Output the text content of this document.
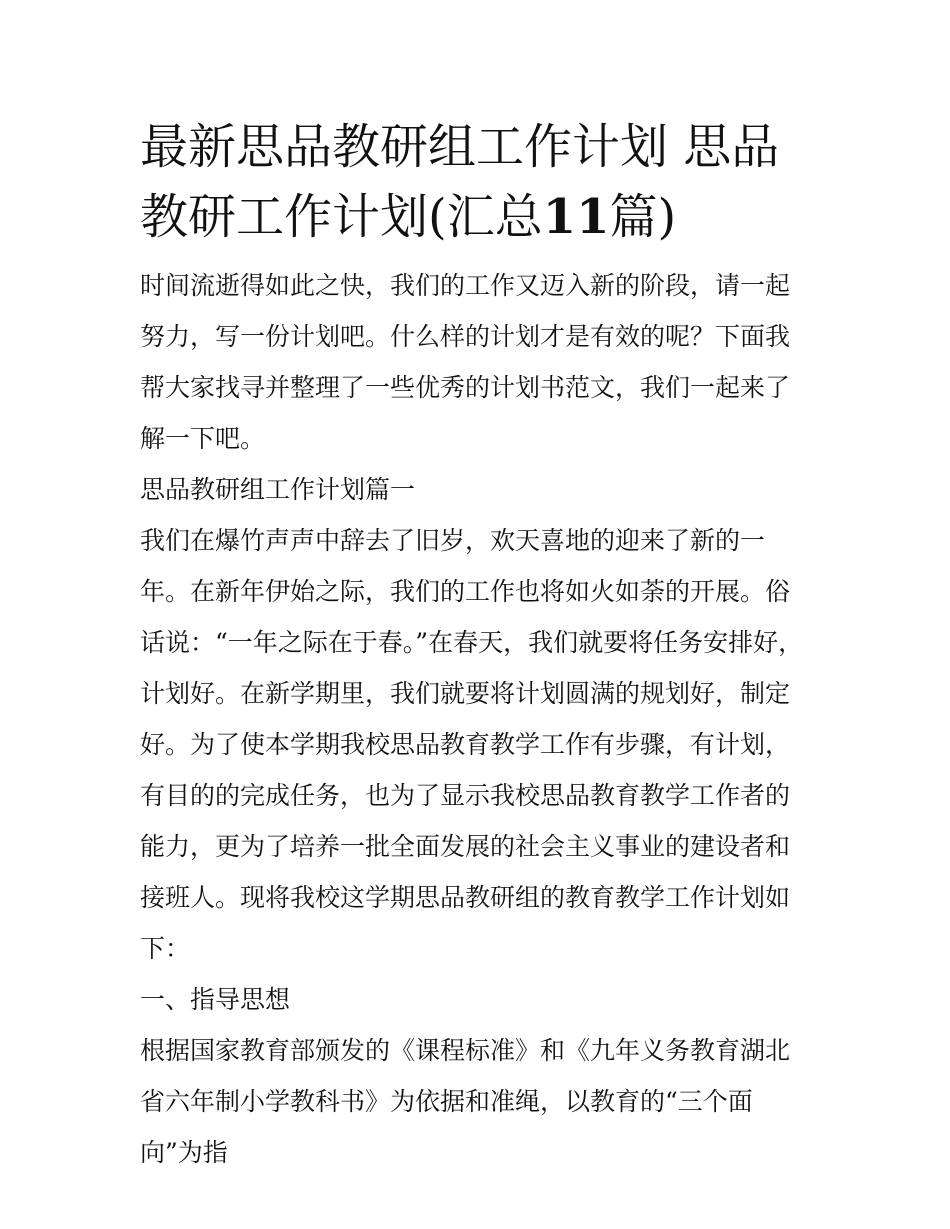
最新思品教研组工作计划 思品教研工作计划(汇总11篇)

时间流逝得如此之快，我们的工作又迈入新的阶段，请一起努力，写一份计划吧。什么样的计划才是有效的呢？下面我帮大家找寻并整理了一些优秀的计划书范文，我们一起来了解一下吧。

思品教研组工作计划篇一

我们在爆竹声声中辞去了旧岁，欢天喜地的迎来了新的一年。在新年伊始之际，我们的工作也将如火如荼的开展。俗话说：“一年之际在于春。”在春天，我们就要将任务安排好，计划好。在新学期里，我们就要将计划圆满的规划好，制定好。为了使本学期我校思品教育教学工作有步骤，有计划，有目的的完成任务，也为了显示我校思品教育教学工作者的能力，更为了培养一批全面发展的社会主义事业的建设者和接班人。现将我校这学期思品教研组的教育教学工作计划如下：

一、指导思想

根据国家教育部颁发的《课程标准》和《九年义务教育湖北省六年制小学教科书》为依据和准绳，以教育的“三个面向”为指
